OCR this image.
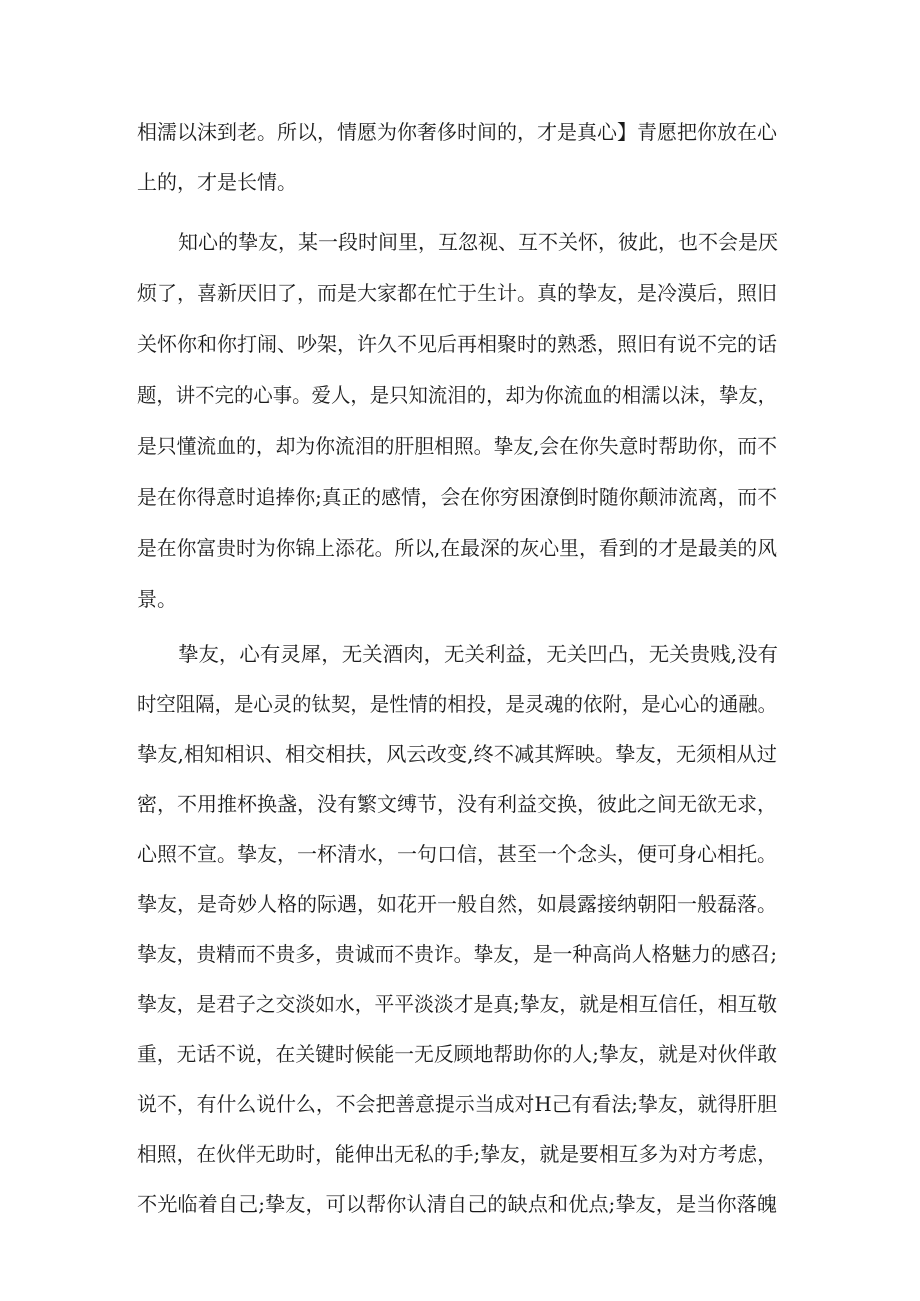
相濡以沫到老。所以，情愿为你奢侈时间的，才是真心】青愿把你放在心
上的，才是长情。
知心的挚友，某一段时间里，互忽视、互不关怀，彼此，也不会是厌
烦了，喜新厌旧了，而是大家都在忙于生计。真的挚友，是冷漠后，照旧
关怀你和你打闹、吵架，许久不见后再相聚时的熟悉，照旧有说不完的话
题，讲不完的心事。爱人，是只知流泪的，却为你流血的相濡以沫，挚友，
是只懂流血的，却为你流泪的肝胆相照。挚友,会在你失意时帮助你，而不
是在你得意时追捧你;真正的感情，会在你穷困潦倒时随你颠沛流离，而不
是在你富贵时为你锦上添花。所以,在最深的灰心里，看到的才是最美的风
景。
挚友，心有灵犀，无关酒肉，无关利益，无关凹凸，无关贵贱,没有
时空阻隔，是心灵的钛契，是性情的相投，是灵魂的依附，是心心的通融。
挚友,相知相识、相交相扶，风云改变,终不减其辉映。挚友，无须相从过
密，不用推杯换盏，没有繁文缚节，没有利益交换，彼此之间无欲无求，
心照不宣。挚友，一杯清水，一句口信，甚至一个念头，便可身心相托。
挚友，是奇妙人格的际遇，如花开一般自然，如晨露接纳朝阳一般磊落。
挚友，贵精而不贵多，贵诚而不贵诈。挚友，是一种高尚人格魅力的感召;
挚友，是君子之交淡如水，平平淡淡才是真;挚友，就是相互信任，相互敬
重，无话不说，在关键时候能一无反顾地帮助你的人;挚友，就是对伙伴敢
说不，有什么说什么，不会把善意提示当成对H己有看法;挚友，就得肝胆
相照，在伙伴无助时，能伸出无私的手;挚友，就是要相互多为对方考虑，
不光临着自己;挚友，可以帮你认清自己的缺点和优点;挚友，是当你落魄
